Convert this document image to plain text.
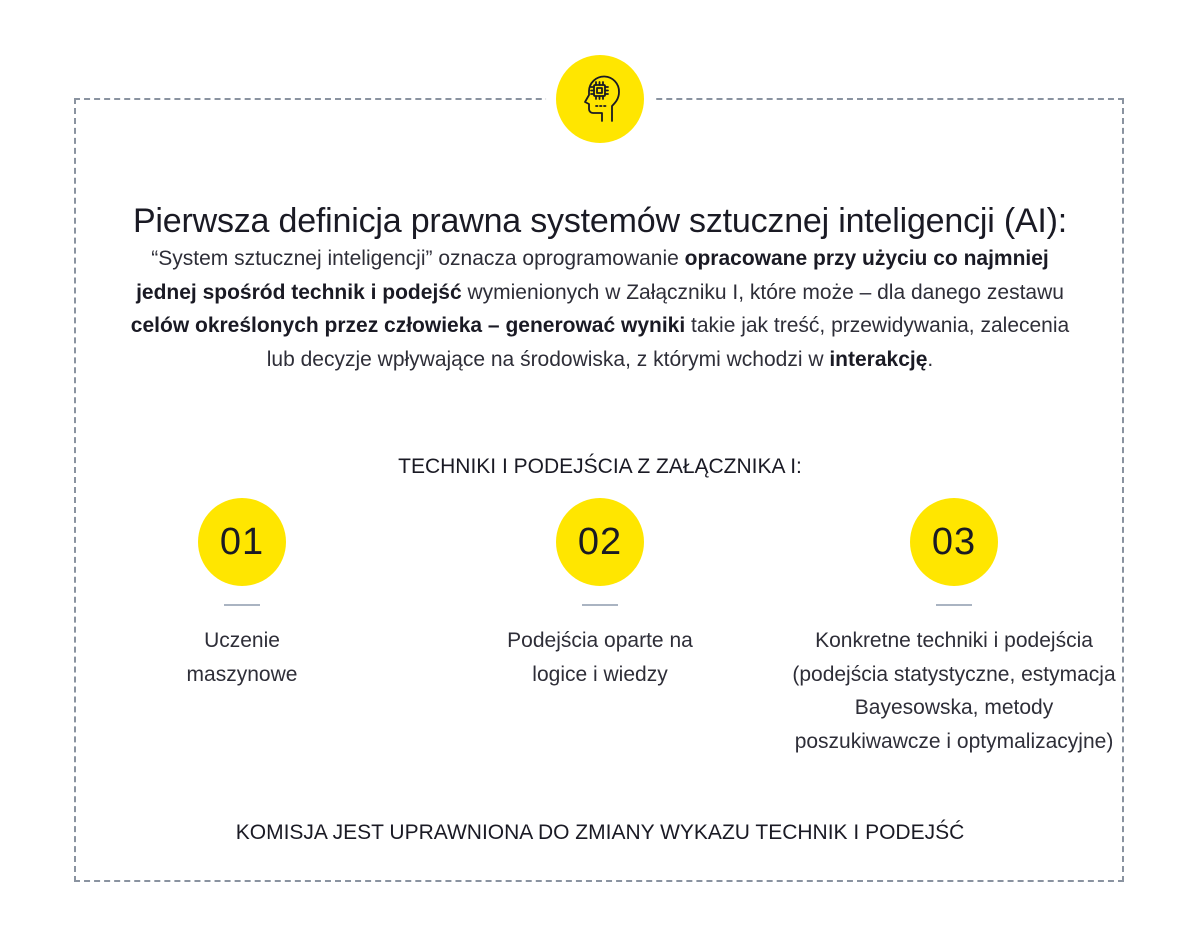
Pierwsza definicja prawna systemów sztucznej inteligencji (AI):

“System sztucznej inteligencji” oznacza oprogramowanie opracowane przy użyciu co najmniej jednej spośród technik i podejść wymienionych w Załączniku I, które może – dla danego zestawu celów określonych przez człowieka – generować wyniki takie jak treść, przewidywania, zalecenia lub decyzje wpływające na środowiska, z którymi wchodzi w interakcję.

TECHNIKI I PODEJŚCIA Z ZAŁĄCZNIKA I:
01
Uczenie maszynowe
02
Podejścia oparte na logice i wiedzy
03
Konkretne techniki i podejścia (podejścia statystyczne, estymacja Bayesowska, metody poszukiwawcze i optymalizacyjne)
KOMISJA JEST UPRAWNIONA DO ZMIANY WYKAZU TECHNIK I PODEJŚĆ
